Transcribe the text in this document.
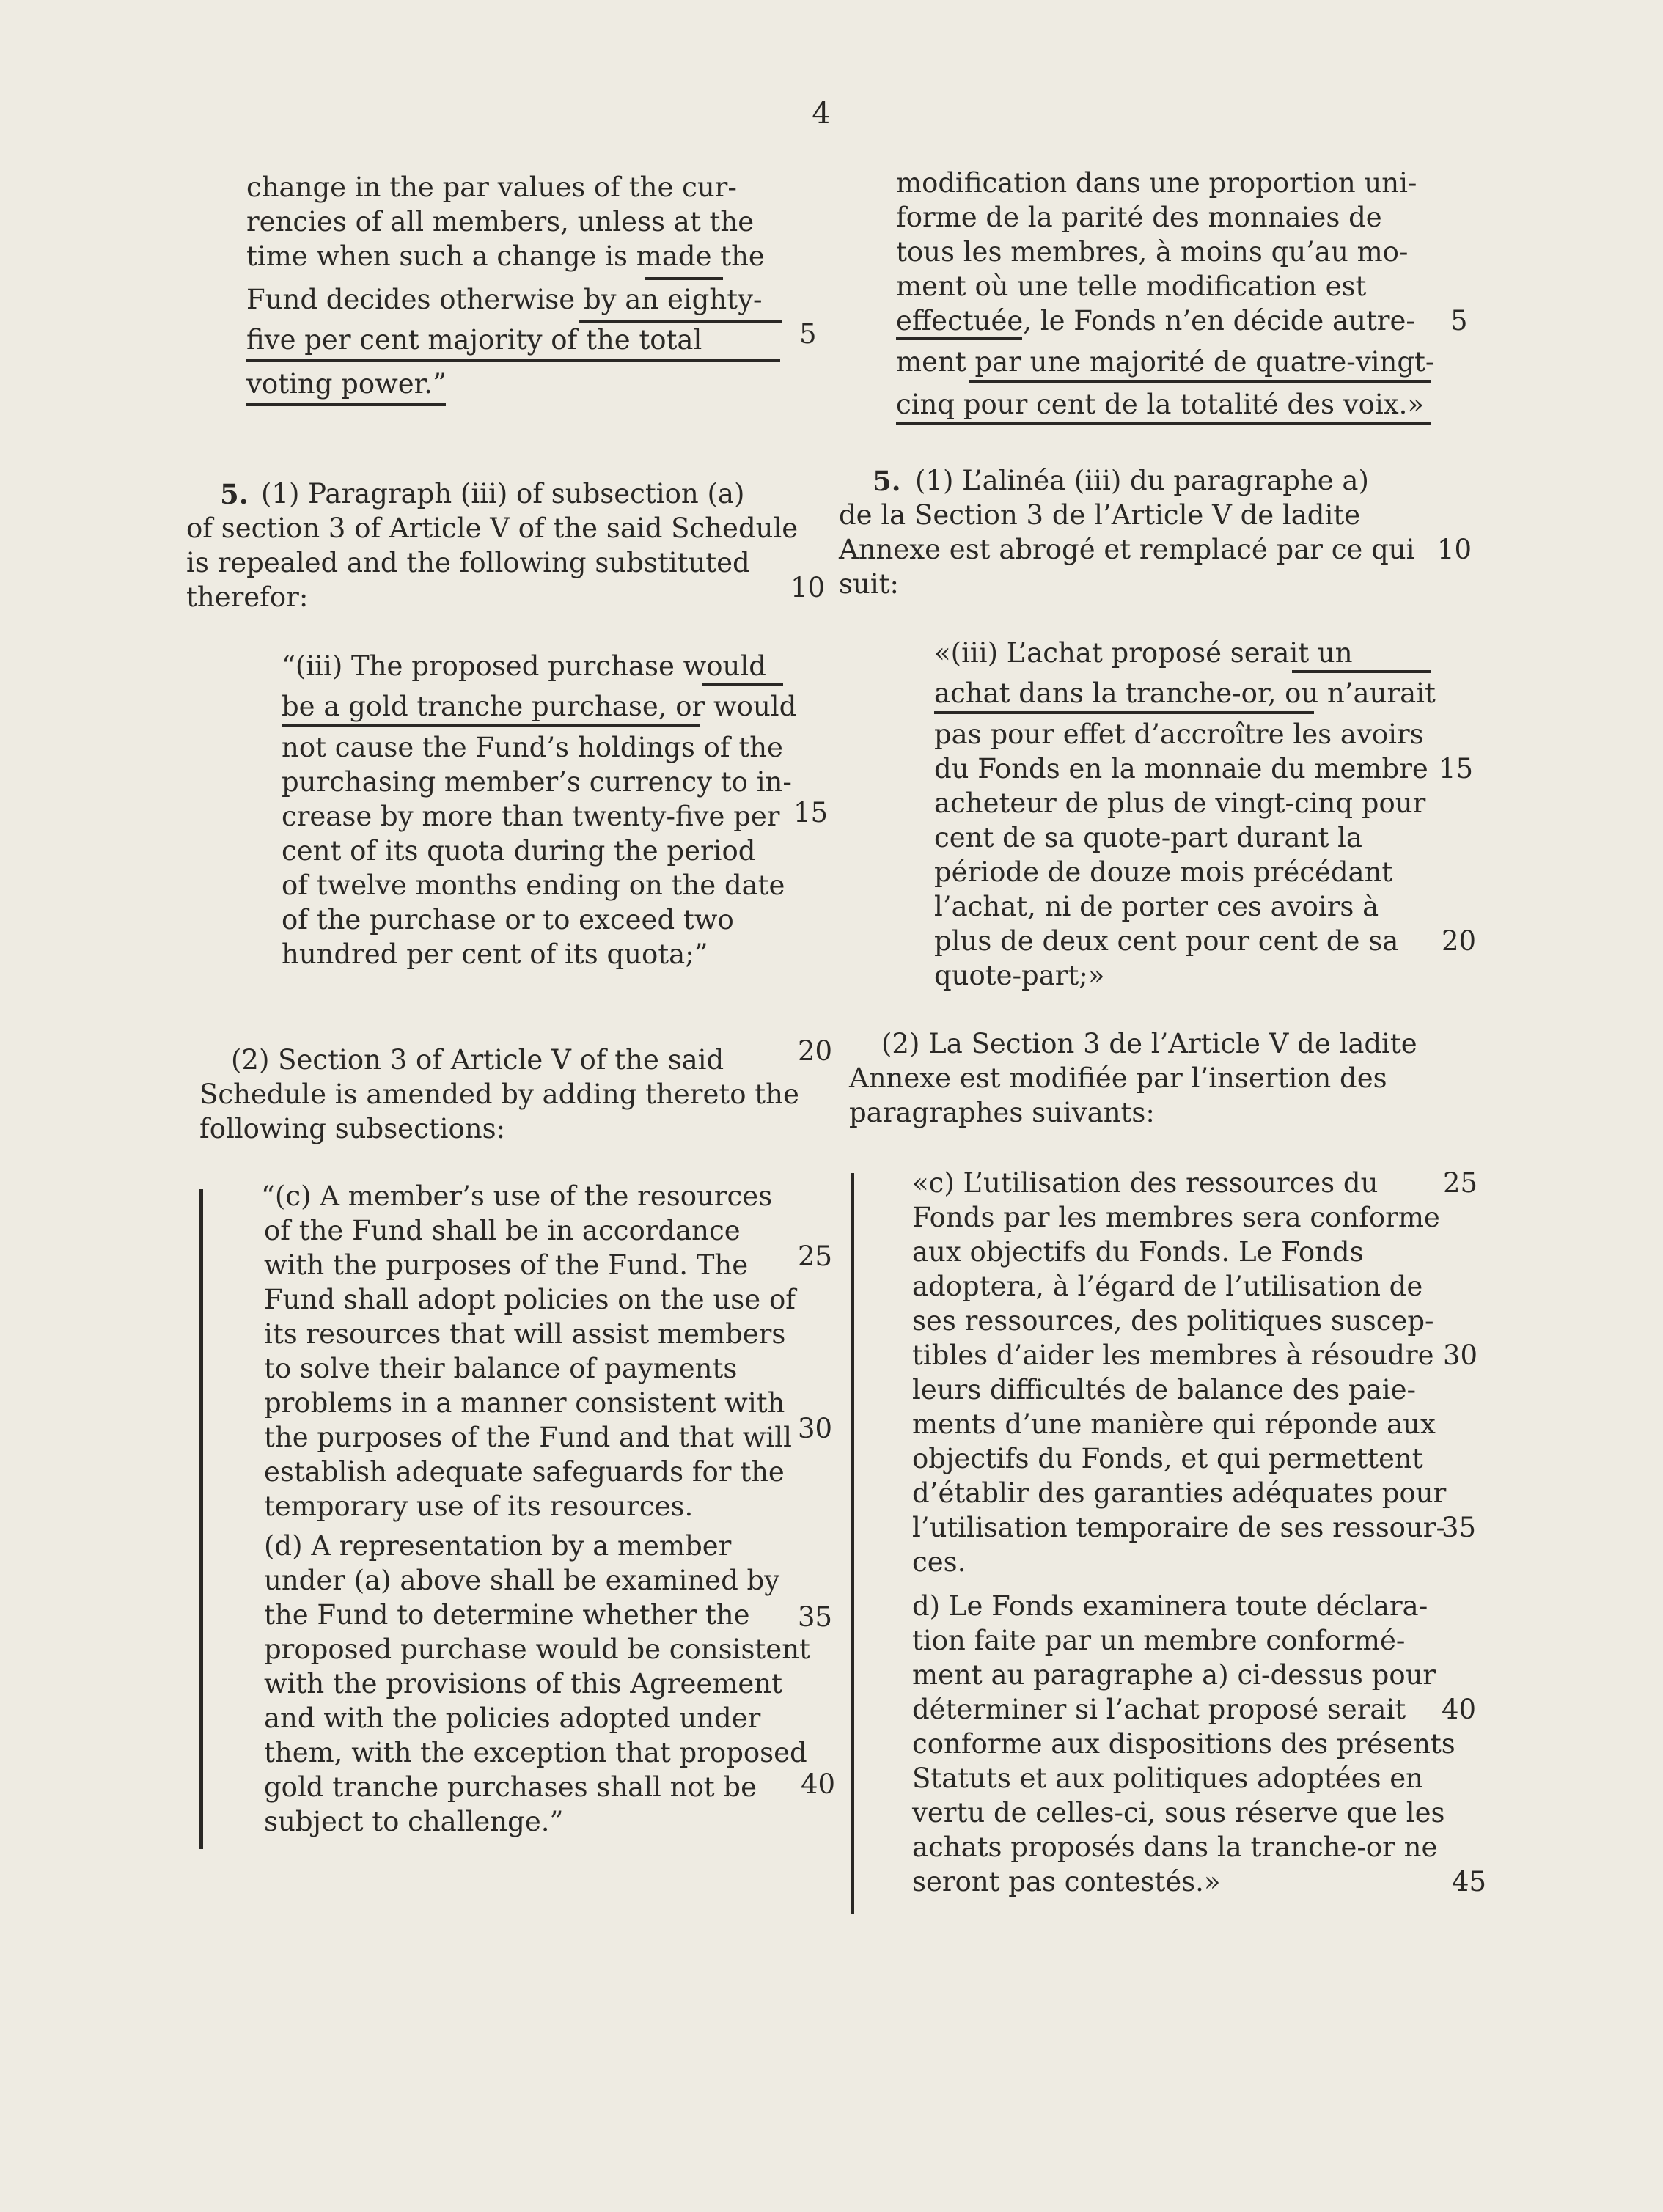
4
change in the par values of the cur-
rencies of all members, unless at the
time when such a change is made the
Fund decides otherwise by an eighty-
five per cent majority of the total
voting power.”
5. (1) Paragraph (iii) of subsection (a)
of section 3 of Article V of the said Schedule
is repealed and the following substituted
therefor:
“(iii) The proposed purchase would
be a gold tranche purchase, or would
not cause the Fund’s holdings of the
purchasing member’s currency to in-
crease by more than twenty-five per
cent of its quota during the period
of twelve months ending on the date
of the purchase or to exceed two
hundred per cent of its quota;”
(2) Section 3 of Article V of the said
Schedule is amended by adding thereto the
following subsections:
“(c) A member’s use of the resources
of the Fund shall be in accordance
with the purposes of the Fund. The
Fund shall adopt policies on the use of
its resources that will assist members
to solve their balance of payments
problems in a manner consistent with
the purposes of the Fund and that will
establish adequate safeguards for the
temporary use of its resources.
(d) A representation by a member
under (a) above shall be examined by
the Fund to determine whether the
proposed purchase would be consistent
with the provisions of this Agreement
and with the policies adopted under
them, with the exception that proposed
gold tranche purchases shall not be
subject to challenge.”
5
10
15
20
25
30
35
40
modification dans une proportion uni-
forme de la parité des monnaies de
tous les membres, à moins qu’au mo-
ment où une telle modification est
effectuée, le Fonds n’en décide autre-
ment par une majorité de quatre-vingt-
cinq pour cent de la totalité des voix.»
5. (1) L’alinéa (iii) du paragraphe a)
de la Section 3 de l’Article V de ladite
Annexe est abrogé et remplacé par ce qui
suit:
«(iii) L’achat proposé serait un
achat dans la tranche-or, ou n’aurait
pas pour effet d’accroître les avoirs
du Fonds en la monnaie du membre
acheteur de plus de vingt-cinq pour
cent de sa quote-part durant la
période de douze mois précédant
l’achat, ni de porter ces avoirs à
plus de deux cent pour cent de sa
quote-part;»
(2) La Section 3 de l’Article V de ladite
Annexe est modifiée par l’insertion des
paragraphes suivants:
«c) L’utilisation des ressources du
Fonds par les membres sera conforme
aux objectifs du Fonds. Le Fonds
adoptera, à l’égard de l’utilisation de
ses ressources, des politiques suscep-
tibles d’aider les membres à résoudre
leurs difficultés de balance des paie-
ments d’une manière qui réponde aux
objectifs du Fonds, et qui permettent
d’établir des garanties adéquates pour
l’utilisation temporaire de ses ressour-
ces.
d) Le Fonds examinera toute déclara-
tion faite par un membre conformé-
ment au paragraphe a) ci-dessus pour
déterminer si l’achat proposé serait
conforme aux dispositions des présents
Statuts et aux politiques adoptées en
vertu de celles-ci, sous réserve que les
achats proposés dans la tranche-or ne
seront pas contestés.»
5
10
15
20
25
30
35
40
45
